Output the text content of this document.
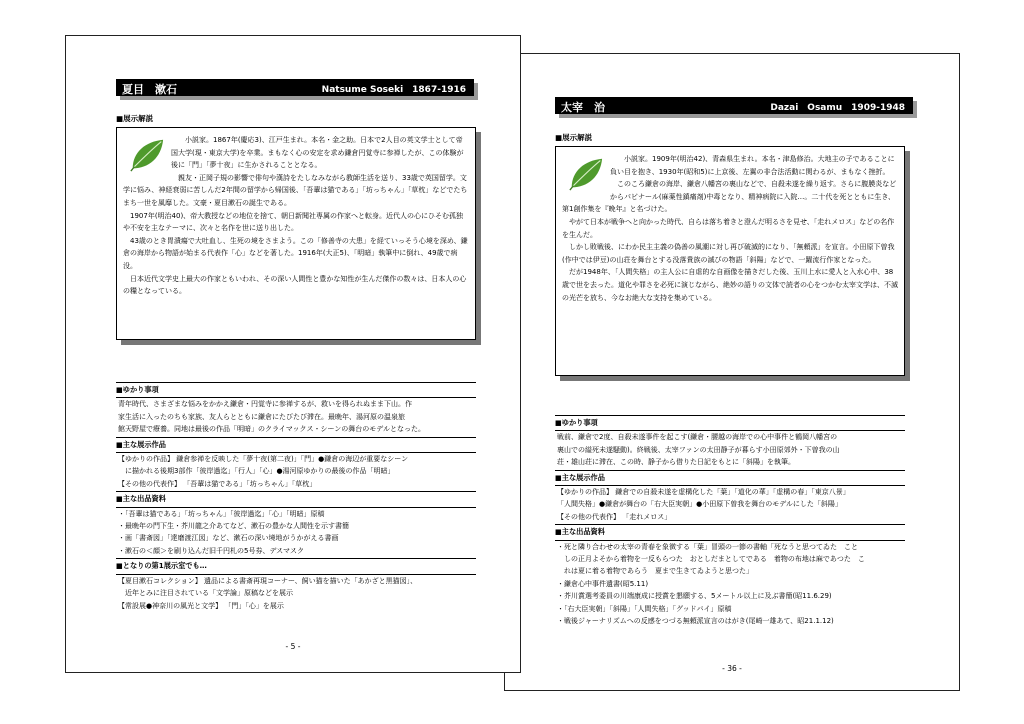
夏目　漱石	Natsume Soseki　1867-1916
■展示解説

小説家。1867年(慶応3)、江戸生まれ。本名・金之助。日本で2人目の英文学士として帝国大学(現・東京大学)を卒業。まもなく心の安定を求め鎌倉円覚寺に参禅したが、この体験が後に「門」「夢十夜」に生かされることとなる。

親友・正岡子規の影響で俳句や漢詩をたしなみながら教師生活を送り、33歳で英国留学。文学に悩み、神経衰弱に苦しんだ2年間の留学から帰国後、「吾輩は猫である」「坊っちゃん」「草枕」などでたちまち一世を風靡した。文豪・夏目漱石の誕生である。

1907年(明治40)、帝大教授などの地位を捨て、朝日新聞社専属の作家へと転身。近代人の心にひそむ孤独や不安を主なテーマに、次々と名作を世に送り出した。

43歳のとき胃潰瘍で大吐血し、生死の境をさまよう。この「修善寺の大患」を経ていっそう心境を深め、鎌倉の海岸から物語が始まる代表作「心」などを著した。1916年(大正5)、「明暗」執筆中に倒れ、49歳で病没。

日本近代文学史上最大の作家ともいわれ、その深い人間性と豊かな知性が生んだ傑作の数々は、日本人の心の糧となっている。

■ゆかり事項
青年時代、さまざまな悩みをかかえ鎌倉・円覚寺に参禅するが、救いを得られぬまま下山。作
家生活に入ったのちも家族、友人らとともに鎌倉にたびたび滞在。最晩年、湯河原の温泉旅
館天野屋で療養。同地は最後の作品「明暗」のクライマックス・シーンの舞台のモデルとなった。
■主な展示作品
【ゆかりの作品】 鎌倉参禅を反映した「夢十夜(第二夜)」「門」●鎌倉の海辺が重要なシーン
　に描かれる後期3部作「彼岸過迄」「行人」「心」●湯河原ゆかりの最後の作品「明暗」
【その他の代表作】 「吾輩は猫である」「坊っちゃん」「草枕」
■主な出品資料
・「吾輩は猫である」「坊っちゃん」「彼岸過迄」「心」「明暗」原稿
・最晩年の門下生・芥川龍之介あてなど、漱石の豊かな人間性を示す書簡
・画「書斎図」「達磨渡江図」など、漱石の深い境地がうかがえる書画
・漱石の＜顔＞を刷り込んだ旧千円札の5号券、デスマスク
■となりの第1展示室でも…
【夏目漱石コレクション】 遺品による書斎再現コーナー、飼い猫を描いた「あかざと黒猫図」、
　近年とみに注目されている「文学論」原稿などを展示
【常設展●神奈川の風光と文学】 「門」「心」を展示
- 5 -
太宰　治	Dazai　Osamu　1909-1948
■展示解説

小説家。1909年(明治42)、青森県生まれ。本名・津島修治。大地主の子であることに負い目を抱き、1930年(昭和5)に上京後、左翼の非合法活動に関わるが、まもなく挫折。

このころ鎌倉の海岸、鎌倉八幡宮の裏山などで、自殺未遂を繰り返す。さらに腹膜炎などからパビナール(麻薬性鎮痛剤)中毒となり、精神病院に入院…。二十代を死とともに生き、第1創作集を『晩年』と名づけた。

やがて日本が戦争へと向かった時代、自らは落ち着きと澄んだ明るさを見せ、「走れメロス」などの名作を生んだ。

しかし敗戦後、にわか民主主義の偽善の風潮に対し再び破滅的になり、「無頼派」を宣言。小田原下曽我(作中では伊豆)の山荘を舞台とする没落貴族の滅びの物語「斜陽」などで、一躍流行作家となった。

だが1948年、「人間失格」の主人公に自虐的な自画像を描きだした後、玉川上水に愛人と入水心中、38歳で世を去った。道化や罪さを必死に演じながら、絶妙の語りの文体で読者の心をつかむ太宰文学は、不滅の光芒を放ち、今なお絶大な支持を集めている。

■ゆかり事項
戦前、鎌倉で2度、自殺未遂事件を起こす(鎌倉・腰越の海岸での心中事件と鶴岡八幡宮の
裏山での縊死未遂騒動)。終戦後、太宰ファンの太田静子が暮らす小田原郊外・下曽我の山
荘・雄山荘に滞在、この時、静子から借りた日記をもとに「斜陽」を執筆。
■主な展示作品
【ゆかりの作品】 鎌倉での自殺未遂を虚構化した「葉」「道化の華」「虚構の春」「東京八景」
「人間失格」●鎌倉が舞台の「右大臣実朝」●小田原下曽我を舞台のモデルにした「斜陽」
【その他の代表作】 「走れメロス」
■主な出品資料
・死と隣り合わせの太宰の青春を象徴する「葉」冒頭の一節の書軸「死なうと思つてゐた　こと
　しの正月よそから着物を一反もらつた　おとしだまとしてである　着物の布地は麻であつた　こ
　れは夏に着る着物であらう　夏まで生きてゐようと思つた」
・鎌倉心中事件遺書(昭5.11)
・芥川賞選考委員の川端康成に授賞を懇願する、5メートル以上に及ぶ書簡(昭11.6.29)
・「右大臣実朝」「斜陽」「人間失格」「グッドバイ」原稿
・戦後ジャーナリズムへの反感をつづる無頼派宣言のはがき(尾崎一雄あて、昭21.1.12)
- 36 -
